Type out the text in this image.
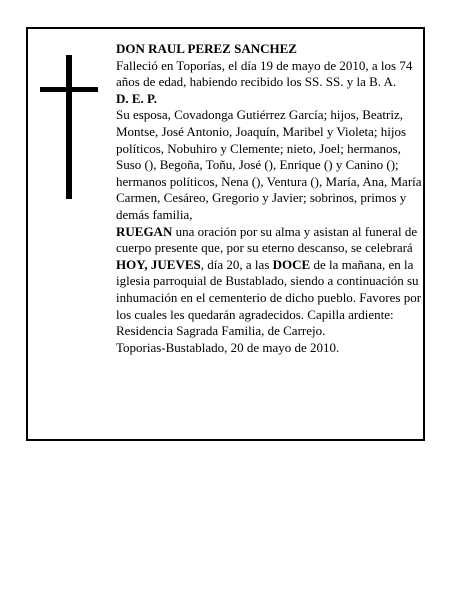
DON RAUL PEREZ SANCHEZ

Falleció en Toporías, el día 19 de mayo de 2010, a los 74 años de edad, habiendo recibido los SS. SS. y la B. A.

D. E. P.

Su esposa, Covadonga Gutiérrez García; hijos, Beatriz, Montse, José Antonio, Joaquín, Maribel y Violeta; hijos políticos, Nobuhiro y Clemente; nieto, Joel; hermanos, Suso (), Begoña, Toñu, José (), Enrique () y Canino (); hermanos políticos, Nena (), Ventura (), María, Ana, María Carmen, Cesáreo, Gregorio y Javier; sobrinos, primos y demás familia,

RUEGAN una oración por su alma y asistan al funeral de cuerpo presente que, por su eterno descanso, se celebrará HOY, JUEVES, día 20, a las DOCE de la mañana, en la iglesia parroquial de Bustablado, siendo a continuación su inhumación en el cementerio de dicho pueblo. Favores por los cuales les quedarán agradecidos. Capilla ardiente: Residencia Sagrada Familia, de Carrejo.

Toporias-Bustablado, 20 de mayo de 2010.
